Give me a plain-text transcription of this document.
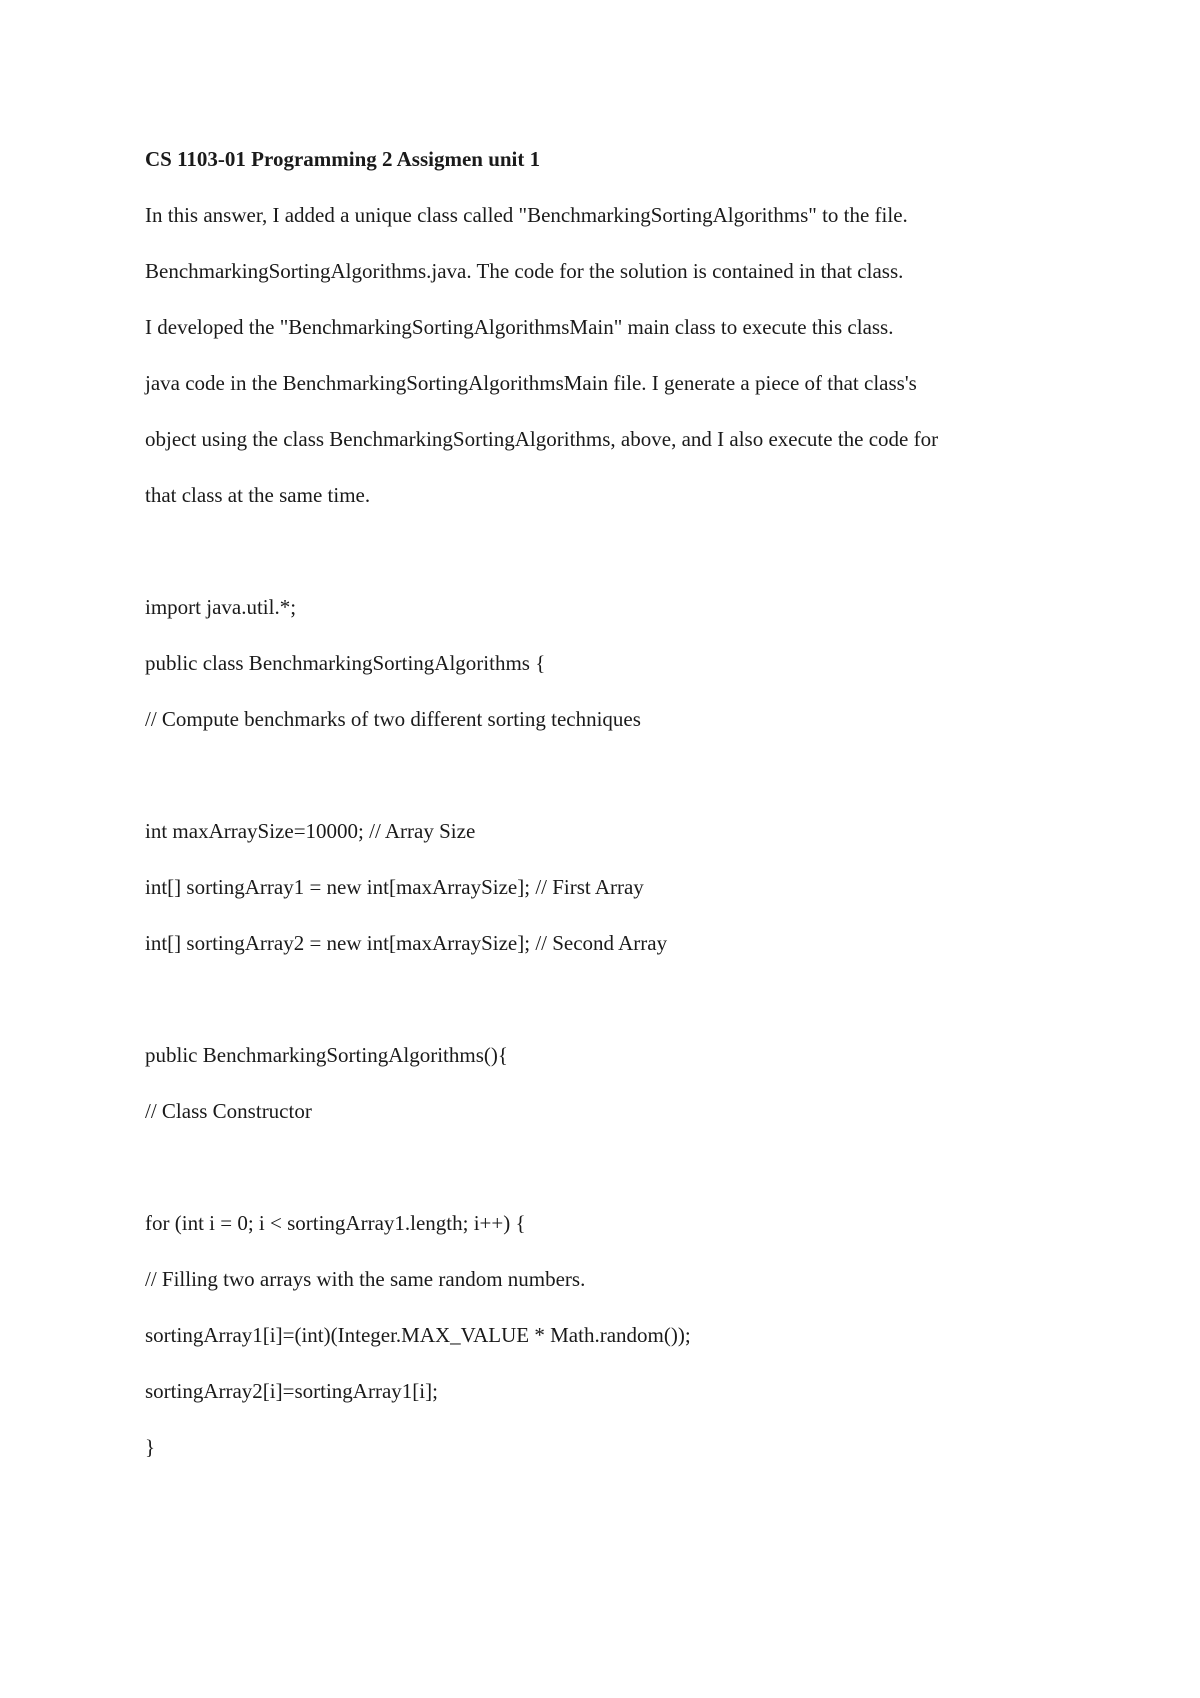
CS 1103-01 Programming 2 Assigmen unit 1
In this answer, I added a unique class called "BenchmarkingSortingAlgorithms" to the file.
BenchmarkingSortingAlgorithms.java. The code for the solution is contained in that class.
I developed the "BenchmarkingSortingAlgorithmsMain" main class to execute this class.
java code in the BenchmarkingSortingAlgorithmsMain file. I generate a piece of that class's
object using the class BenchmarkingSortingAlgorithms, above, and I also execute the code for
that class at the same time.
import java.util.*;
public class BenchmarkingSortingAlgorithms {
// Compute benchmarks of two different sorting techniques
int maxArraySize=10000; // Array Size
int[] sortingArray1 = new int[maxArraySize]; // First Array
int[] sortingArray2 = new int[maxArraySize]; // Second Array
public BenchmarkingSortingAlgorithms(){
// Class Constructor
for (int i = 0; i < sortingArray1.length; i++) {
// Filling two arrays with the same random numbers.
sortingArray1[i]=(int)(Integer.MAX_VALUE * Math.random());
sortingArray2[i]=sortingArray1[i];
}
